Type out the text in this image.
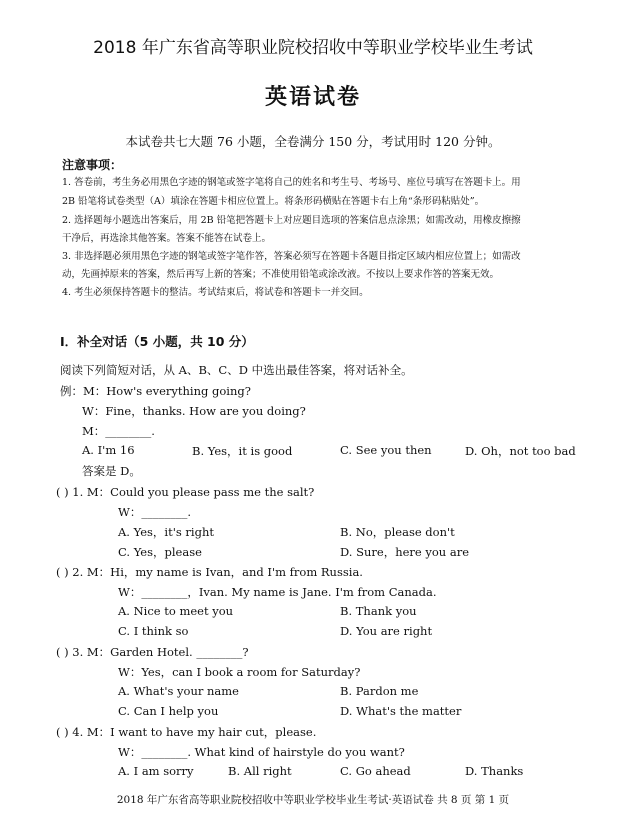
2018 年广东省高等职业院校招收中等职业学校毕业生考试
英语试卷
本试卷共七大题 76 小题，全卷满分 150 分，考试用时 120 分钟。
注意事项：
1. 答卷前，考生务必用黑色字迹的钢笔或签字笔将自己的姓名和考生号、考场号、座位号填写在答题卡上。用
2B 铅笔将试卷类型（A）填涂在答题卡相应位置上。将条形码横贴在答题卡右上角“条形码粘贴处”。
2. 选择题每小题选出答案后，用 2B 铅笔把答题卡上对应题目选项的答案信息点涂黑；如需改动，用橡皮擦擦
干净后，再选涂其他答案。答案不能答在试卷上。
3. 非选择题必须用黑色字迹的钢笔或签字笔作答，答案必须写在答题卡各题目指定区域内相应位置上；如需改
动，先画掉原来的答案，然后再写上新的答案；不准使用铅笔或涂改液。不按以上要求作答的答案无效。
4. 考生必须保持答题卡的整洁。考试结束后，将试卷和答题卡一并交回。
Ⅰ．补全对话（5 小题，共 10 分）
阅读下列简短对话，从 A、B、C、D 中选出最佳答案，将对话补全。
例：M：How's everything going?
W：Fine，thanks. How are you doing?
M：________.
A. I'm 16	B. Yes，it is good	C. See you then	D. Oh，not too bad
答案是 D。
( ) 1. M：Could you please pass me the salt?
W：________.
A. Yes，it's right	B. No，please don't
C. Yes，please	D. Sure，here you are
( ) 2. M：Hi，my name is Ivan，and I'm from Russia.
W：________，Ivan. My name is Jane. I'm from Canada.
A. Nice to meet you	B. Thank you
C. I think so	D. You are right
( ) 3. M：Garden Hotel. ________?
W：Yes，can I book a room for Saturday?
A. What's your name	B. Pardon me
C. Can I help you	D. What's the matter
( ) 4. M：I want to have my hair cut，please.
W：________. What kind of hairstyle do you want?
A. I am sorry	B. All right	C. Go ahead	D. Thanks
2018 年广东省高等职业院校招收中等职业学校毕业生考试·英语试卷 共 8 页 第 1 页
